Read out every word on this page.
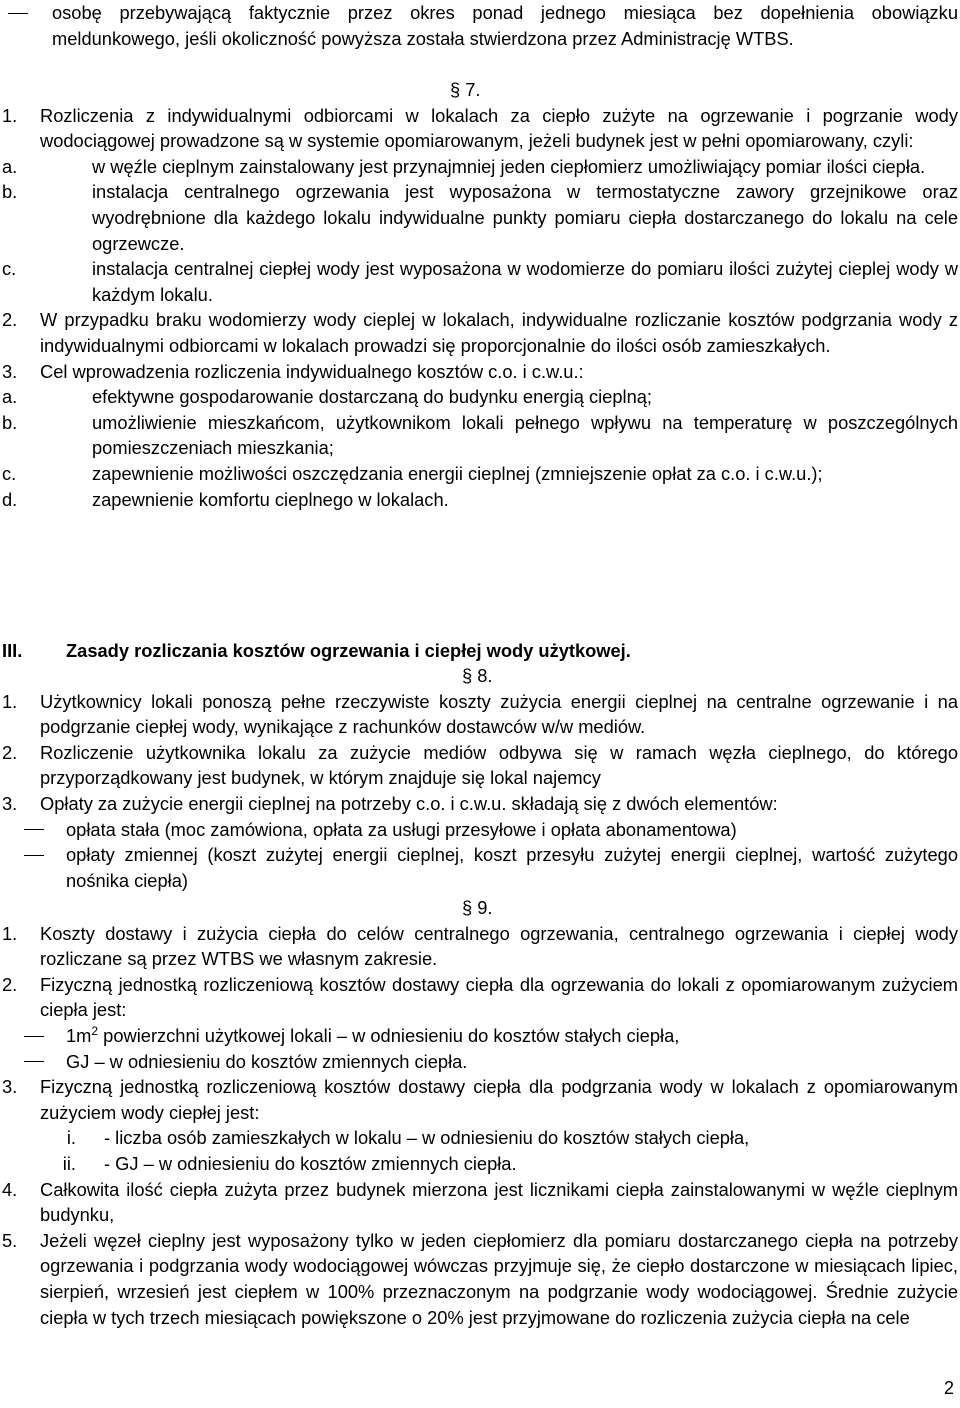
osobę przebywającą faktycznie przez okres ponad jednego miesiąca bez dopełnienia obowiązku meldunkowego, jeśli okoliczność powyższa została stwierdzona przez Administrację WTBS.
§ 7.
1. Rozliczenia z indywidualnymi odbiorcami w lokalach za ciepło zużyte na ogrzewanie i pogrzanie wody wodociągowej prowadzone są w systemie opomiarowanym, jeżeli budynek jest w pełni opomiarowany, czyli:
a.	w węźle cieplnym zainstalowany jest przynajmniej jeden ciepłomierz umożliwiający pomiar ilości ciepła.
b.	instalacja centralnego ogrzewania jest wyposażona w termostatyczne zawory grzejnikowe oraz wyodrębnione dla każdego lokalu indywidualne punkty pomiaru ciepła dostarczanego do lokalu na cele ogrzewcze.
c.	instalacja centralnej ciepłej wody jest wyposażona w wodomierze do pomiaru ilości zużytej cieplej wody w każdym lokalu.
2. W przypadku braku wodomierzy wody cieplej w lokalach, indywidualne rozliczanie kosztów podgrzania wody z indywidualnymi odbiorcami w lokalach prowadzi się proporcjonalnie do ilości osób zamieszkałych.
3. Cel wprowadzenia rozliczenia indywidualnego kosztów c.o. i c.w.u.:
a.	efektywne gospodarowanie dostarczaną do budynku energią cieplną;
b.	umożliwienie mieszkańcom, użytkownikom lokali pełnego wpływu na temperaturę w poszczególnych pomieszczeniach mieszkania;
c.	zapewnienie możliwości oszczędzania energii cieplnej (zmniejszenie opłat za c.o. i c.w.u.);
d.	zapewnienie komfortu cieplnego w lokalach.
III. Zasady rozliczania kosztów ogrzewania i ciepłej wody użytkowej.
§ 8.
1. Użytkownicy lokali ponoszą pełne rzeczywiste koszty zużycia energii cieplnej na centralne ogrzewanie i na podgrzanie ciepłej wody, wynikające z rachunków dostawców w/w mediów.
2. Rozliczenie użytkownika lokalu za zużycie mediów odbywa się w ramach węzła cieplnego, do którego przyporządkowany jest budynek, w którym znajduje się lokal najemcy
3. Opłaty za zużycie energii cieplnej na potrzeby c.o. i c.w.u. składają się z dwóch elementów:
opłata stała (moc zamówiona, opłata za usługi przesyłowe i opłata abonamentowa)
opłaty zmiennej (koszt zużytej energii cieplnej, koszt przesyłu zużytej energii cieplnej, wartość zużytego nośnika ciepła)
§ 9.
1. Koszty dostawy i zużycia ciepła do celów centralnego ogrzewania, centralnego ogrzewania i ciepłej wody rozliczane są przez WTBS we własnym zakresie.
2. Fizyczną jednostką rozliczeniową kosztów dostawy ciepła dla ogrzewania do lokali z opomiarowanym zużyciem ciepła jest:
$1m^2$ powierzchni użytkowej lokali – w odniesieniu do kosztów stałych ciepła,
GJ – w odniesieniu do kosztów zmiennych ciepła.
3. Fizyczną jednostką rozliczeniową kosztów dostawy ciepła dla podgrzania wody w lokalach z opomiarowanym zużyciem wody ciepłej jest:
i. - liczba osób zamieszkałych w lokalu – w odniesieniu do kosztów stałych ciepła,
ii. - GJ – w odniesieniu do kosztów zmiennych ciepła.
4. Całkowita ilość ciepła zużyta przez budynek mierzona jest licznikami ciepła zainstalowanymi w węźle cieplnym budynku,
5. Jeżeli węzeł cieplny jest wyposażony tylko w jeden ciepłomierz dla pomiaru dostarczanego ciepła na potrzeby ogrzewania i podgrzania wody wodociągowej wówczas przyjmuje się, że ciepło dostarczone w miesiącach lipiec, sierpień, wrzesień jest ciepłem w 100% przeznaczonym na podgrzanie wody wodociągowej. Średnie zużycie ciepła w tych trzech miesiącach powiększone o 20% jest przyjmowane do rozliczenia zużycia ciepła na cele
2
